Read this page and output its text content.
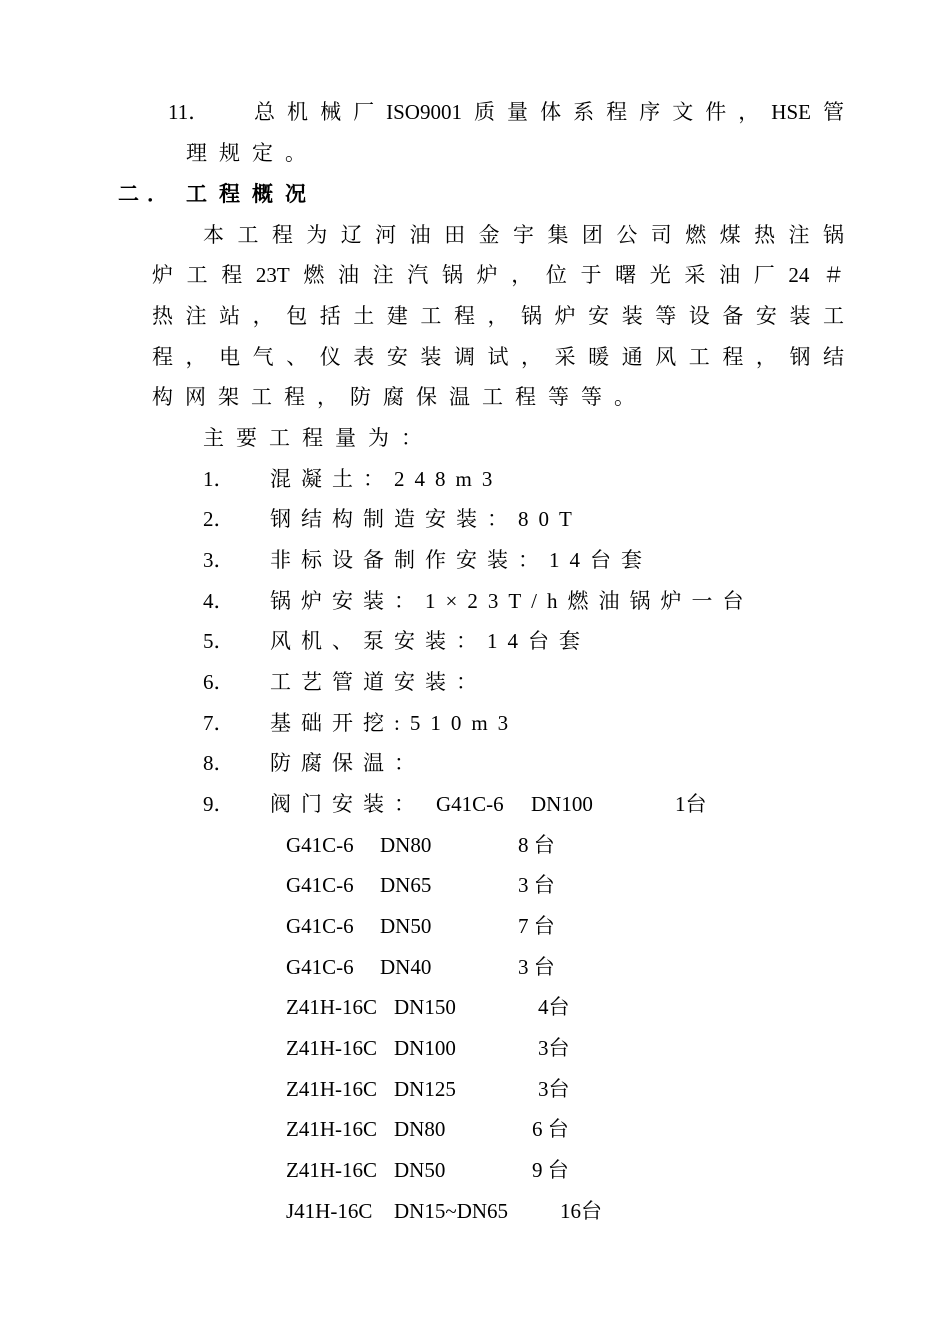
11． 总机械厂ISO9001质量体系程序文件，HSE管
理规定。
二． 工程概况
本工程为辽河油田金宇集团公司燃煤热注锅
炉工程23T燃油注汽锅炉，位于曙光采油厂24＃
热注站，包括土建工程，锅炉安装等设备安装工
程，电气、仪表安装调试，采暖通风工程，钢结
构网架工程，防腐保温工程等等。
主要工程量为：
1． 混凝土：248m3
2． 钢结构制造安装：80T
3． 非标设备制作安装：14台套
4． 锅炉安装：1×23T/h燃油锅炉一台
5． 风机、泵安装：14台套
6． 工艺管道安装：
7． 基础开挖:510m3
8． 防腐保温：
9． 阀门安装： G41C-6 DN100	1台
G41C-6 DN80	8 台
G41C-6 DN65	3 台
G41C-6 DN50	7 台
G41C-6 DN40	3 台
Z41H-16C DN150	4台
Z41H-16C DN100	3台
Z41H-16C DN125	3台
Z41H-16C DN80	6 台
Z41H-16C DN50	9 台
J41H-16C DN15~DN65 16台
